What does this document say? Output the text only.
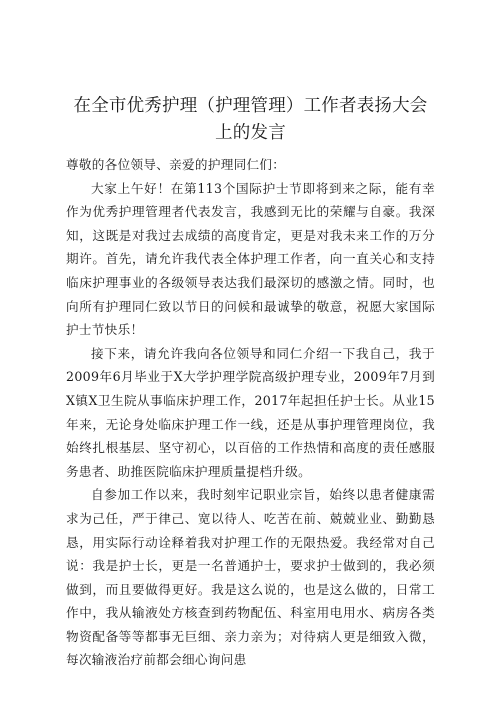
在全市优秀护理（护理管理）工作者表扬大会
上的发言

尊敬的各位领导、亲爱的护理同仁们：

大家上午好！在第113个国际护士节即将到来之际，能有幸作为优秀护理管理者代表发言，我感到无比的荣耀与自豪。我深知，这既是对我过去成绩的高度肯定，更是对我未来工作的万分期许。首先，请允许我代表全体护理工作者，向一直关心和支持临床护理事业的各级领导表达我们最深切的感激之情。同时，也向所有护理同仁致以节日的问候和最诚挚的敬意，祝愿大家国际护士节快乐！

接下来，请允许我向各位领导和同仁介绍一下我自己，我于2009年6月毕业于X大学护理学院高级护理专业，2009年7月到X镇X卫生院从事临床护理工作，2017年起担任护士长。从业15年来，无论身处临床护理工作一线，还是从事护理管理岗位，我始终扎根基层、坚守初心，以百倍的工作热情和高度的责任感服务患者、助推医院临床护理质量提档升级。

自参加工作以来，我时刻牢记职业宗旨，始终以患者健康需求为己任，严于律己、宽以待人、吃苦在前、兢兢业业、勤勤恳恳，用实际行动诠释着我对护理工作的无限热爱。我经常对自己说：我是护士长，更是一名普通护士，要求护士做到的，我必须做到，而且要做得更好。我是这么说的，也是这么做的，日常工作中，我从输液处方核查到药物配伍、科室用电用水、病房各类物资配备等等都事无巨细、亲力亲为；对待病人更是细致入微，每次输液治疗前都会细心询问患
